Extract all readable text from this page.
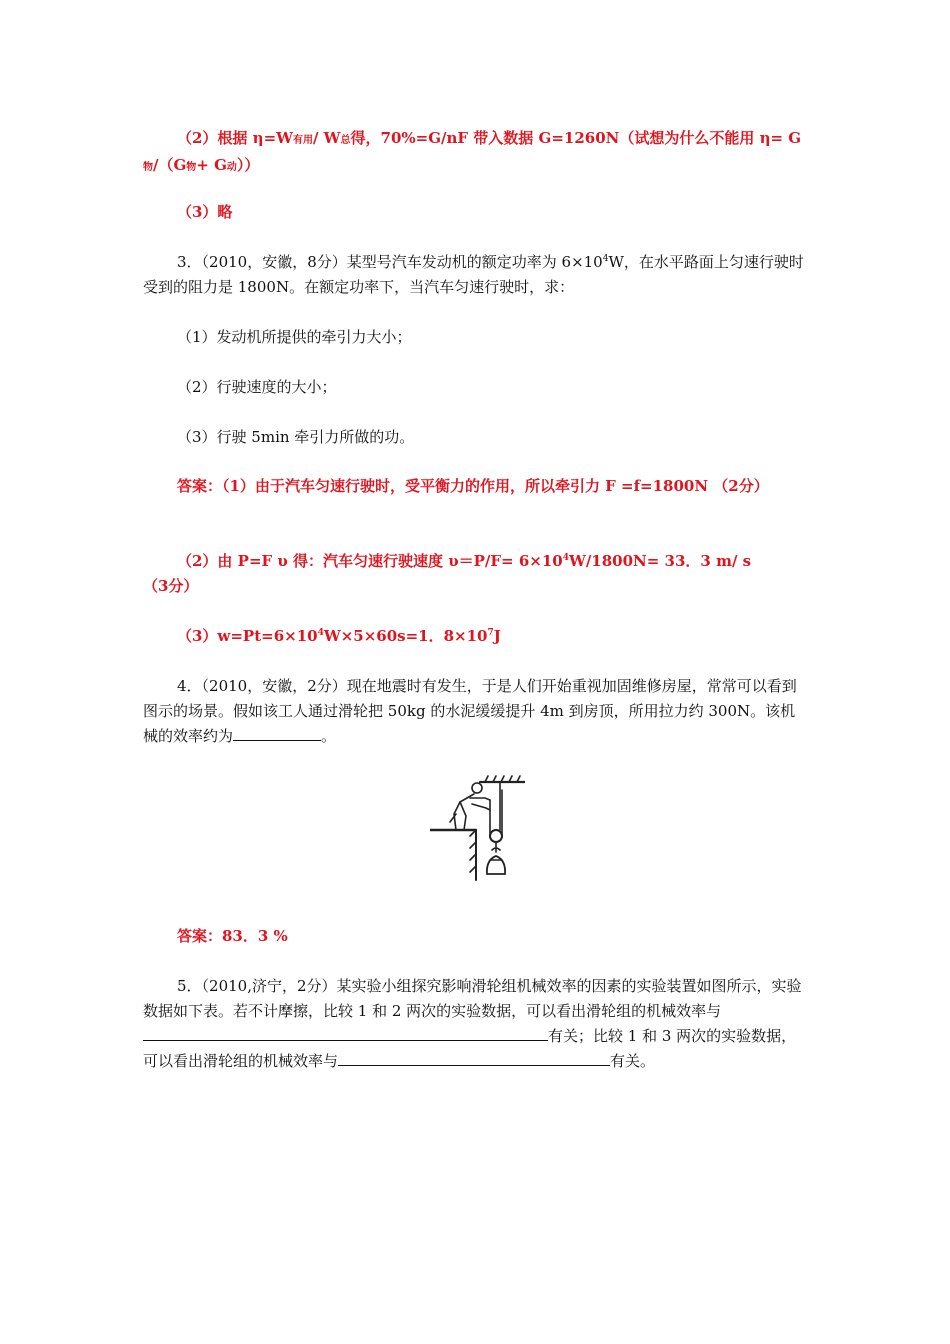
（2）根据 η=W有用/ W总得，70%=G/nF 带入数据 G=1260N（试想为什么不能用 η= G物/（G物+ G动））
（3）略
3．（2010，安徽，8分）某型号汽车发动机的额定功率为 $6\times 10^4W$，在水平路面上匀速行驶时受到的阻力是 1800N。在额定功率下，当汽车匀速行驶时，求：
（1）发动机所提供的牵引力大小；
（2）行驶速度的大小；
（3）行驶 5min 牵引力所做的功。
答案：（1）由于汽车匀速行驶时，受平衡力的作用，所以牵引力 F =f=1800N （2分）
（2）由 P=F υ 得：汽车匀速行驶速度 $\upsilon=P/F= 6\times 10^4W/1800N= 33$．3 m/ s　　　（3分）
$(3)w=Pt=6\times 10^4W\times 5\times 60s=1$．$8\times 10^7J$
4．（2010，安徽，2分）现在地震时有发生，于是人们开始重视加固维修房屋，常常可以看到图示的场景。假如该工人通过滑轮把 50kg 的水泥缓缓提升 4m 到房顶，所用拉力约 300N。该机械的效率约为	。
答案：83．3 %
5．（2010,济宁，2分）某实验小组探究影响滑轮组机械效率的因素的实验装置如图所示，实验数据如下表。若不计摩擦，比较 1 和 2 两次的实验数据，可以看出滑轮组的机械效率与有关；比较 1 和 3 两次的实验数据，可以看出滑轮组的机械效率与	有关。
